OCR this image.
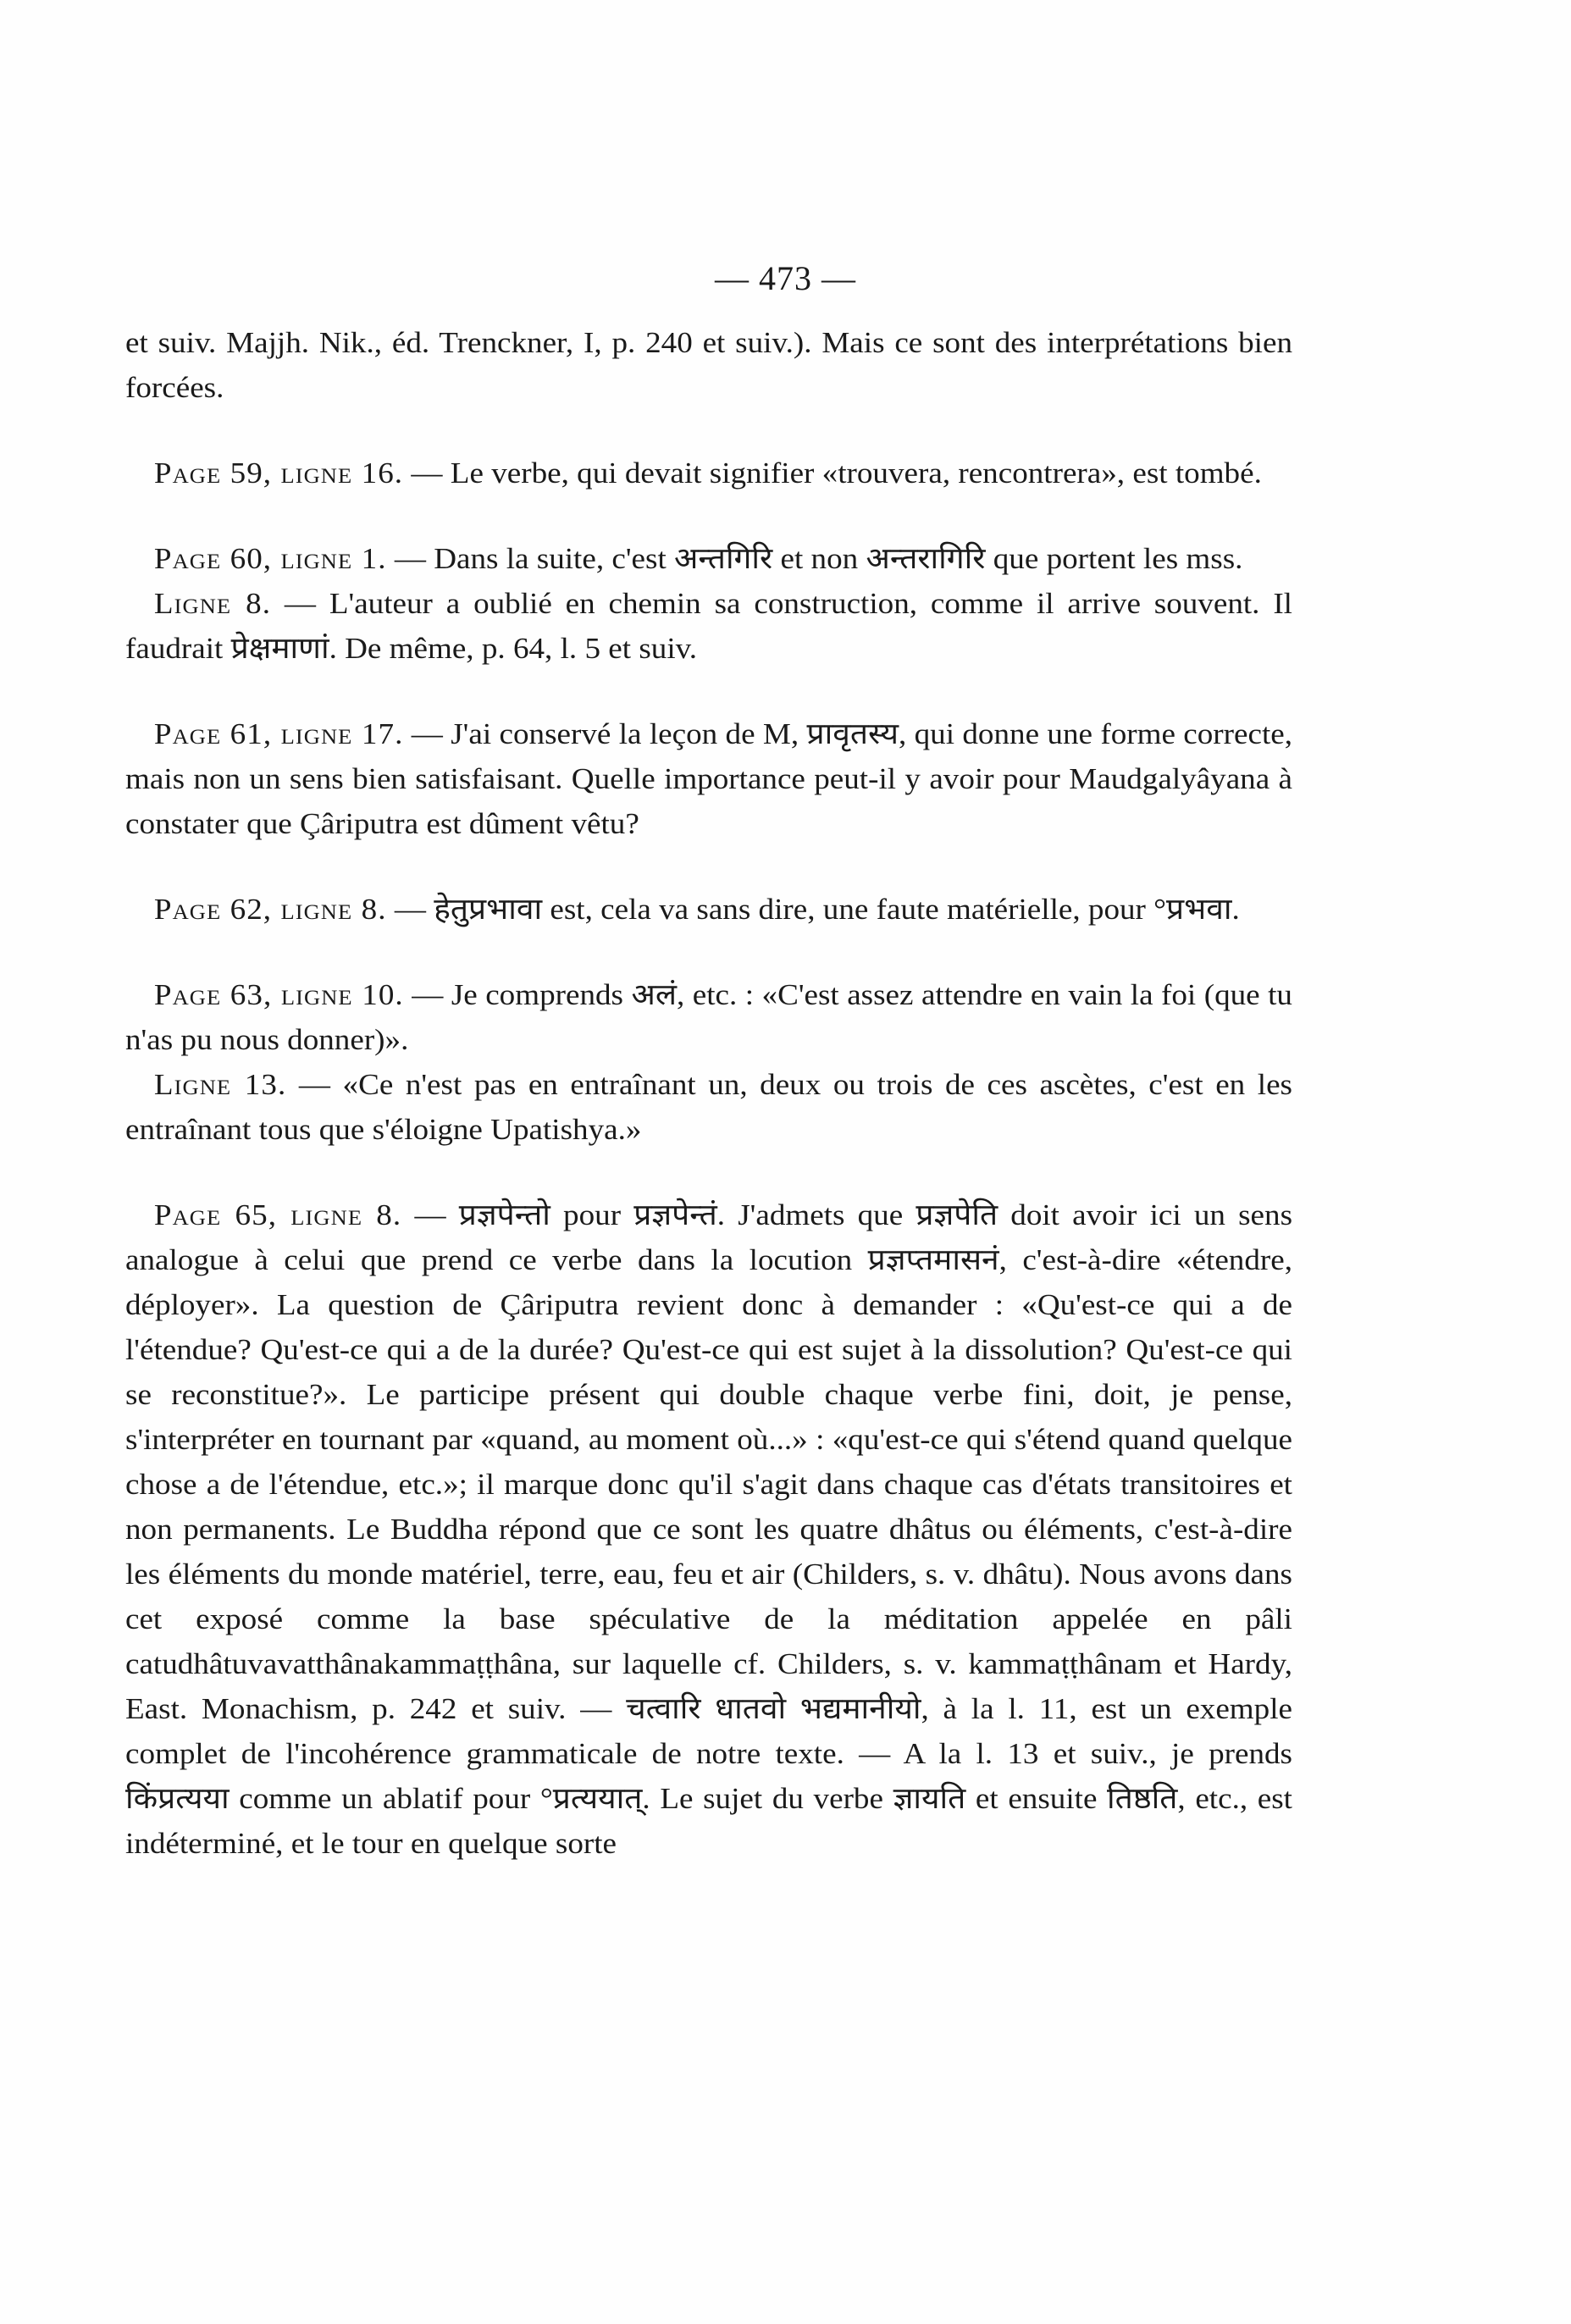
— 473 —

et suiv. Majjh. Nik., éd. Trenckner, I, p. 240 et suiv.). Mais ce sont des interprétations bien forcées.

Page 59, ligne 16. — Le verbe, qui devait signifier «trouvera, rencontrera», est tombé.

Page 60, ligne 1. — Dans la suite, c'est अन्तगिरि et non अन्तरागिरि que portent les mss.

Ligne 8. — L'auteur a oublié en chemin sa construction, comme il arrive souvent. Il faudrait प्रेक्षमाणां. De même, p. 64, l. 5 et suiv.

Page 61, ligne 17. — J'ai conservé la leçon de M, प्रावृतस्य, qui donne une forme correcte, mais non un sens bien satisfaisant. Quelle importance peut-il y avoir pour Maudgalyâyana à constater que Çâriputra est dûment vêtu?

Page 62, ligne 8. — हेतुप्रभावा est, cela va sans dire, une faute matérielle, pour °प्रभवा.

Page 63, ligne 10. — Je comprends अलं, etc. : «C'est assez attendre en vain la foi (que tu n'as pu nous donner)».

Ligne 13. — «Ce n'est pas en entraînant un, deux ou trois de ces ascètes, c'est en les entraînant tous que s'éloigne Upatishya.»

Page 65, ligne 8. — प्रज्ञपेन्तो pour प्रज्ञपेन्तं. J'admets que प्रज्ञपेति doit avoir ici un sens analogue à celui que prend ce verbe dans la locution प्रज्ञप्तमासनं, c'est-à-dire «étendre, déployer». La question de Çâriputra revient donc à demander : «Qu'est-ce qui a de l'étendue? Qu'est-ce qui a de la durée? Qu'est-ce qui est sujet à la dissolution? Qu'est-ce qui se reconstitue?». Le participe présent qui double chaque verbe fini, doit, je pense, s'interpréter en tournant par «quand, au moment où...» : «qu'est-ce qui s'étend quand quelque chose a de l'étendue, etc.»; il marque donc qu'il s'agit dans chaque cas d'états transitoires et non permanents. Le Buddha répond que ce sont les quatre dhâtus ou éléments, c'est-à-dire les éléments du monde matériel, terre, eau, feu et air (Childers, s. v. dhâtu). Nous avons dans cet exposé comme la base spéculative de la méditation appelée en pâli catudhâtuvavatthânakammaṭṭhâna, sur laquelle cf. Childers, s. v. kammaṭṭhânam et Hardy, East. Monachism, p. 242 et suiv. — चत्वारि धातवो भद्यमानीयो, à la l. 11, est un exemple complet de l'incohérence grammaticale de notre texte. — A la l. 13 et suiv., je prends किंप्रत्यया comme un ablatif pour °प्रत्ययात्. Le sujet du verbe ज्ञायति et ensuite तिष्ठति, etc., est indéterminé, et le tour en quelque sorte
